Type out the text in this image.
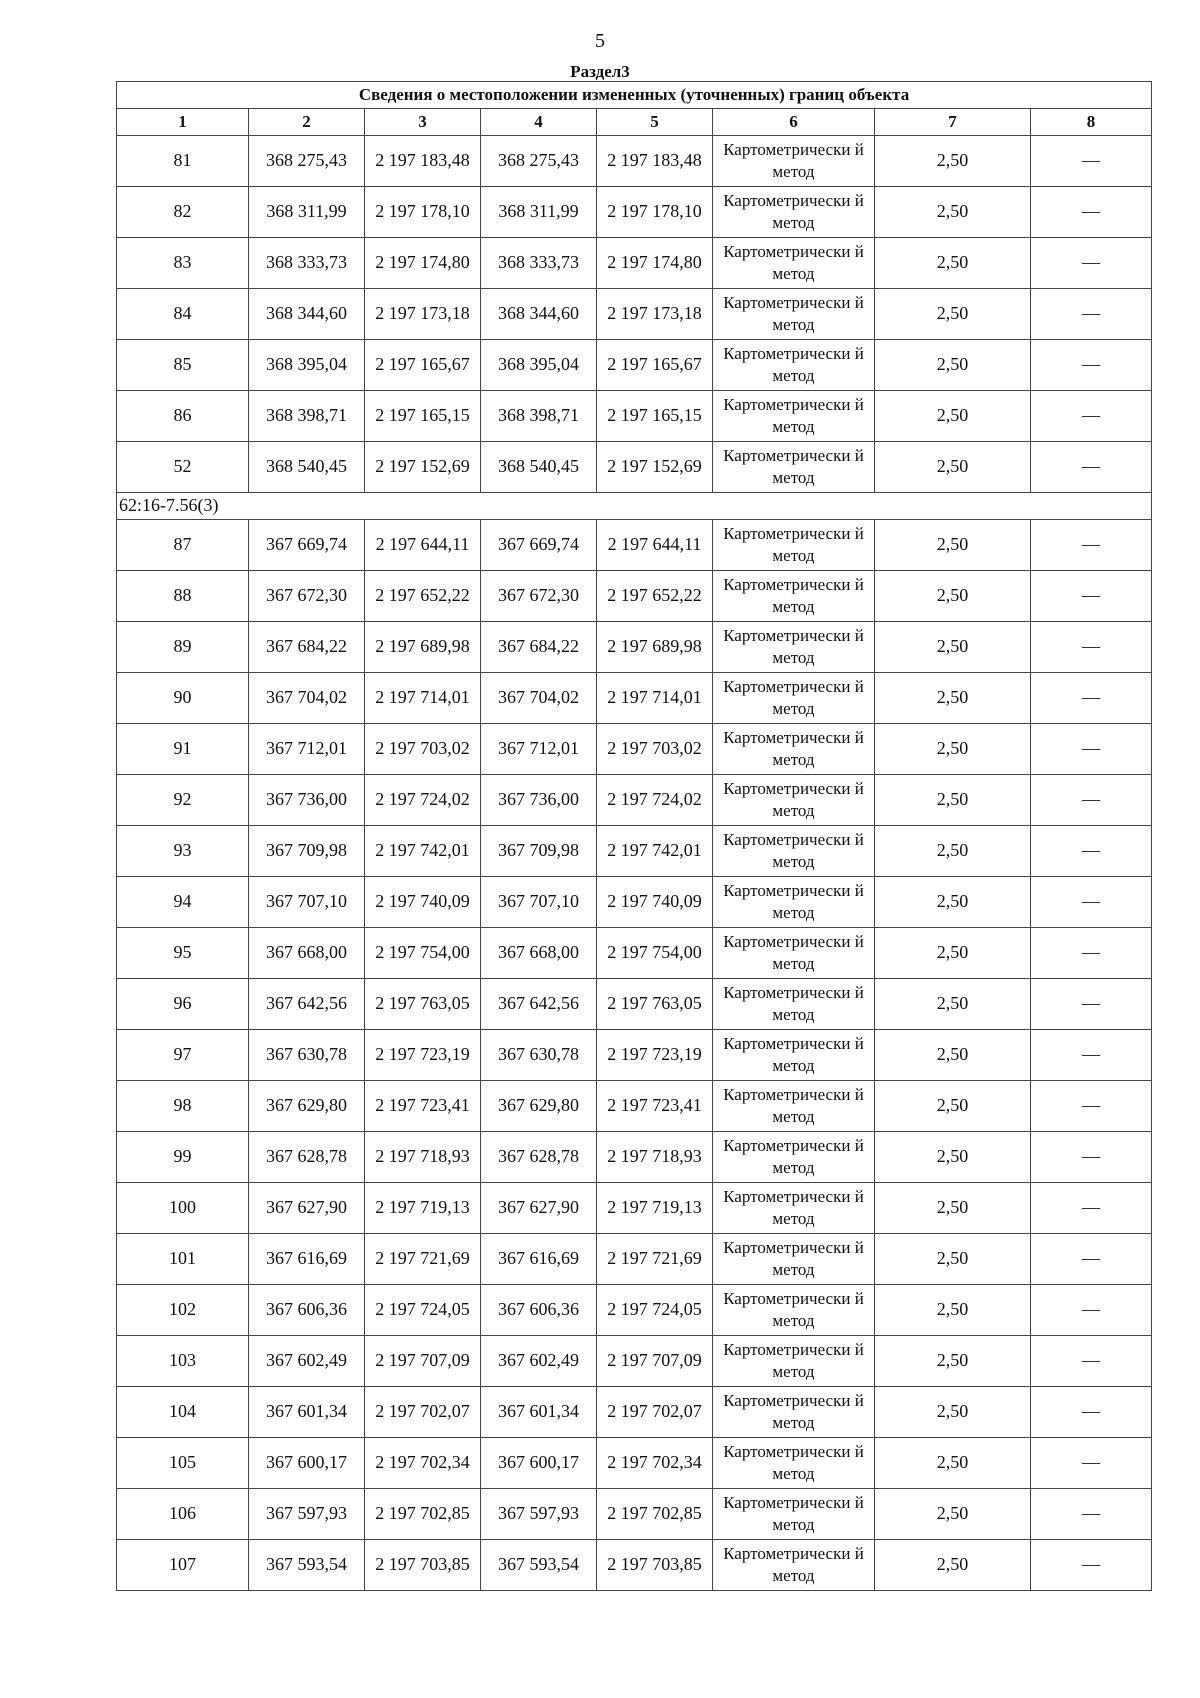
5
Раздел3
Сведения о местоположении измененных (уточненных) границ объекта							
1	2	3	4	5	6	7	8
81	368 275,43	2 197 183,48	368 275,43	2 197 183,48	Картометрически й метод	2,50	—
82	368 311,99	2 197 178,10	368 311,99	2 197 178,10	Картометрически й метод	2,50	—
83	368 333,73	2 197 174,80	368 333,73	2 197 174,80	Картометрически й метод	2,50	—
84	368 344,60	2 197 173,18	368 344,60	2 197 173,18	Картометрически й метод	2,50	—
85	368 395,04	2 197 165,67	368 395,04	2 197 165,67	Картометрически й метод	2,50	—
86	368 398,71	2 197 165,15	368 398,71	2 197 165,15	Картометрически й метод	2,50	—
52	368 540,45	2 197 152,69	368 540,45	2 197 152,69	Картометрически й метод	2,50	—
62:16-7.56(3)							
87	367 669,74	2 197 644,11	367 669,74	2 197 644,11	Картометрически й метод	2,50	—
88	367 672,30	2 197 652,22	367 672,30	2 197 652,22	Картометрически й метод	2,50	—
89	367 684,22	2 197 689,98	367 684,22	2 197 689,98	Картометрически й метод	2,50	—
90	367 704,02	2 197 714,01	367 704,02	2 197 714,01	Картометрически й метод	2,50	—
91	367 712,01	2 197 703,02	367 712,01	2 197 703,02	Картометрически й метод	2,50	—
92	367 736,00	2 197 724,02	367 736,00	2 197 724,02	Картометрически й метод	2,50	—
93	367 709,98	2 197 742,01	367 709,98	2 197 742,01	Картометрически й метод	2,50	—
94	367 707,10	2 197 740,09	367 707,10	2 197 740,09	Картометрически й метод	2,50	—
95	367 668,00	2 197 754,00	367 668,00	2 197 754,00	Картометрически й метод	2,50	—
96	367 642,56	2 197 763,05	367 642,56	2 197 763,05	Картометрически й метод	2,50	—
97	367 630,78	2 197 723,19	367 630,78	2 197 723,19	Картометрически й метод	2,50	—
98	367 629,80	2 197 723,41	367 629,80	2 197 723,41	Картометрически й метод	2,50	—
99	367 628,78	2 197 718,93	367 628,78	2 197 718,93	Картометрически й метод	2,50	—
100	367 627,90	2 197 719,13	367 627,90	2 197 719,13	Картометрически й метод	2,50	—
101	367 616,69	2 197 721,69	367 616,69	2 197 721,69	Картометрически й метод	2,50	—
102	367 606,36	2 197 724,05	367 606,36	2 197 724,05	Картометрически й метод	2,50	—
103	367 602,49	2 197 707,09	367 602,49	2 197 707,09	Картометрически й метод	2,50	—
104	367 601,34	2 197 702,07	367 601,34	2 197 702,07	Картометрически й метод	2,50	—
105	367 600,17	2 197 702,34	367 600,17	2 197 702,34	Картометрически й метод	2,50	—
106	367 597,93	2 197 702,85	367 597,93	2 197 702,85	Картометрически й метод	2,50	—
107	367 593,54	2 197 703,85	367 593,54	2 197 703,85	Картометрически й метод	2,50	—
